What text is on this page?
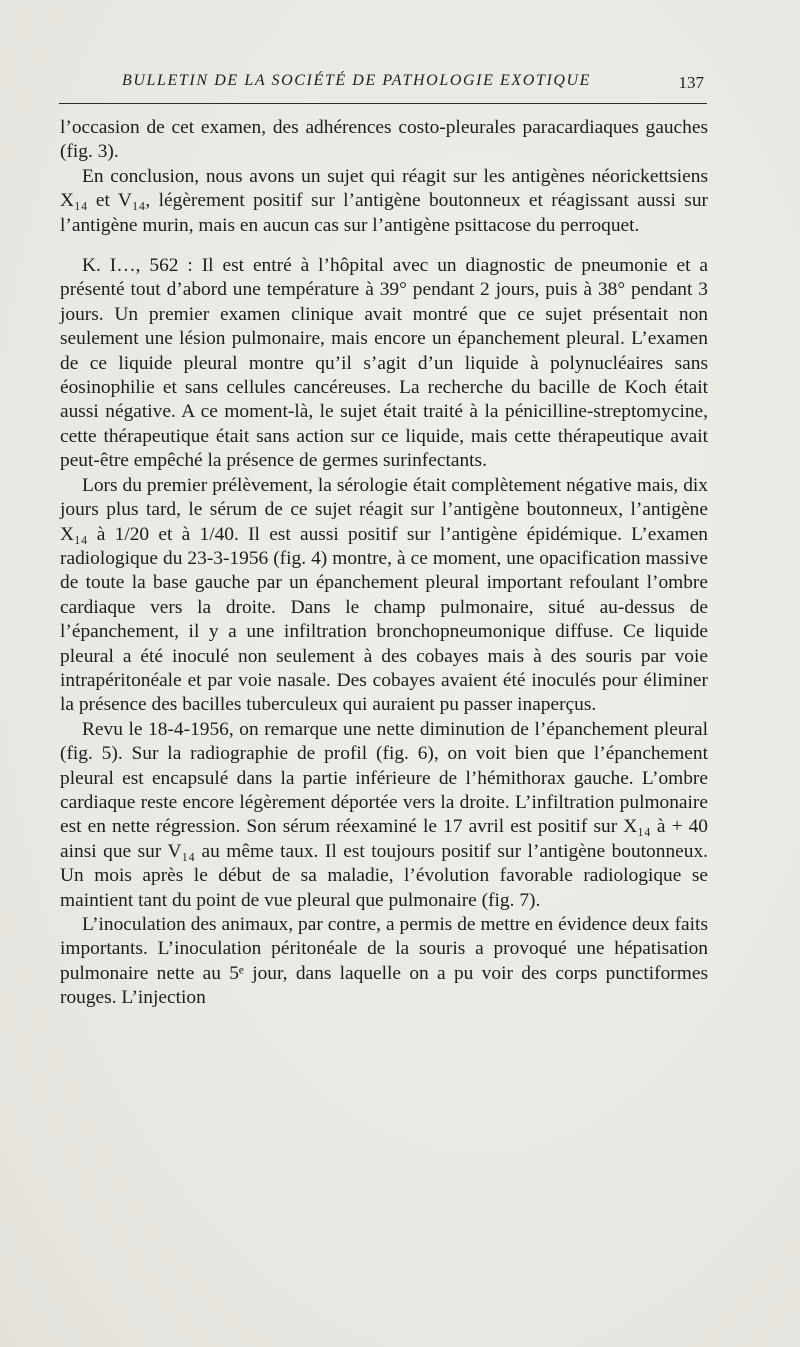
BULLETIN DE LA SOCIÉTÉ DE PATHOLOGIE EXOTIQUE	137

l’occasion de cet examen, des adhérences costo-pleurales paracardiaques gauches (fig. 3).

En conclusion, nous avons un sujet qui réagit sur les antigènes néorickettsiens X₁₄ et V₁₄, légèrement positif sur l’antigène boutonneux et réagissant aussi sur l’antigène murin, mais en aucun cas sur l’antigène psittacose du perroquet.

K. I…, 562 : Il est entré à l’hôpital avec un diagnostic de pneumonie et a présenté tout d’abord une température à 39° pendant 2 jours, puis à 38° pendant 3 jours. Un premier examen clinique avait montré que ce sujet présentait non seulement une lésion pulmonaire, mais encore un épanchement pleural. L’examen de ce liquide pleural montre qu’il s’agit d’un liquide à polynucléaires sans éosinophilie et sans cellules cancéreuses. La recherche du bacille de Koch était aussi négative. A ce moment-là, le sujet était traité à la pénicilline-streptomycine, cette thérapeutique était sans action sur ce liquide, mais cette thérapeutique avait peut-être empêché la présence de germes surinfectants.

Lors du premier prélèvement, la sérologie était complètement négative mais, dix jours plus tard, le sérum de ce sujet réagit sur l’antigène boutonneux, l’antigène X₁₄ à 1/20 et à 1/40. Il est aussi positif sur l’antigène épidémique. L’examen radiologique du 23-3-1956 (fig. 4) montre, à ce moment, une opacification massive de toute la base gauche par un épanchement pleural important refoulant l’ombre cardiaque vers la droite. Dans le champ pulmonaire, situé au-dessus de l’épanchement, il y a une infiltration bronchopneumonique diffuse. Ce liquide pleural a été inoculé non seulement à des cobayes mais à des souris par voie intrapéritonéale et par voie nasale. Des cobayes avaient été inoculés pour éliminer la présence des bacilles tuberculeux qui auraient pu passer inaperçus.

Revu le 18-4-1956, on remarque une nette diminution de l’épanchement pleural (fig. 5). Sur la radiographie de profil (fig. 6), on voit bien que l’épanchement pleural est encapsulé dans la partie inférieure de l’hémithorax gauche. L’ombre cardiaque reste encore légèrement déportée vers la droite. L’infiltration pulmonaire est en nette régression. Son sérum réexaminé le 17 avril est positif sur X₁₄ à + 40 ainsi que sur V₁₄ au même taux. Il est toujours positif sur l’antigène boutonneux. Un mois après le début de sa maladie, l’évolution favorable radiologique se maintient tant du point de vue pleural que pulmonaire (fig. 7).

L’inoculation des animaux, par contre, a permis de mettre en évidence deux faits importants. L’inoculation péritonéale de la souris a provoqué une hépatisation pulmonaire nette au 5ᵉ jour, dans laquelle on a pu voir des corps punctiformes rouges. L’injection
